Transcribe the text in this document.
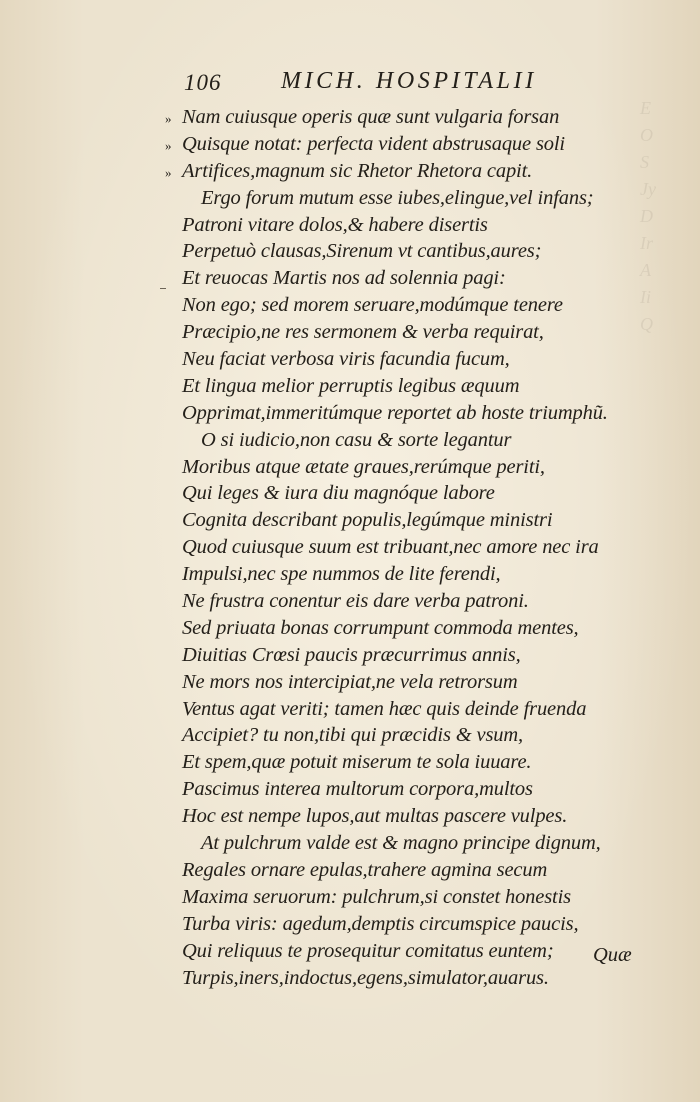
E
O
S
Jy
D
Ir
A
Ii
Q
106 MICH. HOSPITALII
» Nam cuiusque operis quæ sunt vulgaria forsan
» Quisque notat: perfecta vident abstrusaque soli
» Artifices,magnum sic Rhetor Rhetora capit.
Ergo forum mutum esse iubes,elingue,vel infans;
Patroni vitare dolos,& habere disertis
Perpetuò clausas,Sirenum vt cantibus,aures;
Et reuocas Martis nos ad solennia pagi:
Non ego; sed morem seruare,modúmque tenere
Præcipio,ne res sermonem & verba requirat,
Neu faciat verbosa viris facundia fucum,
Et lingua melior perruptis legibus æquum
Opprimat,immeritúmque reportet ab hoste triumphũ.
O si iudicio,non casu & sorte legantur
Moribus atque ætate graues,rerúmque periti,
Qui leges & iura diu magnóque labore
Cognita describant populis,legúmque ministri
Quod cuiusque suum est tribuant,nec amore nec ira
Impulsi,nec spe nummos de lite ferendi,
Ne frustra conentur eis dare verba patroni.
Sed priuata bonas corrumpunt commoda mentes,
Diuitias Crœsi paucis præcurrimus annis,
Ne mors nos intercipiat,ne vela retrorsum
Ventus agat veriti; tamen hæc quis deinde fruenda
Accipiet? tu non,tibi qui præcidis & vsum,
Et spem,quæ potuit miserum te sola iuuare.
Pascimus interea multorum corpora,multos
Hoc est nempe lupos,aut multas pascere vulpes.
At pulchrum valde est & magno principe dignum,
Regales ornare epulas,trahere agmina secum
Maxima seruorum: pulchrum,si constet honestis
Turba viris: agedum,demptis circumspice paucis,
Qui reliquus te prosequitur comitatus euntem;
Turpis,iners,indoctus,egens,simulator,auarus.
Quæ
